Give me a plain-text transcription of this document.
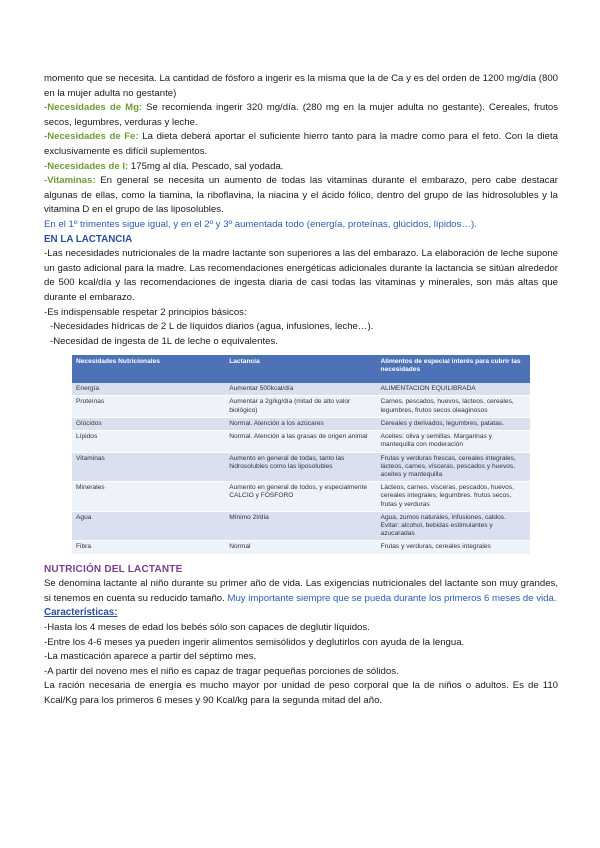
momento que se necesita. La cantidad de fósforo a ingerir es la misma que la de Ca y es del orden de 1200 mg/día (800 en la mujer adulta no gestante)

-Necesidades de Mg: Se recomienda ingerir 320 mg/día. (280 mg en la mujer adulta no gestante). Cereales, frutos secos, legumbres, verduras y leche.

-Necesidades de Fe: La dieta deberá aportar el suficiente hierro tanto para la madre como para el feto. Con la dieta exclusivamente es difícil suplementos.

-Necesidades de I: 175mg al día. Pescado, sal yodada.

-Vitaminas: En general se necesita un aumento de todas las vitaminas durante el embarazo, pero cabe destacar algunas de ellas, como la tiamina, la riboflavina, la niacina y el ácido fólico, dentro del grupo de las hidrosolubles y la vitamina D en el grupo de las liposolubles.

En el 1º trimentes sigue igual, y en el 2º y 3º aumentada todo (energía, proteínas, glúcidos, lípidos…).

EN LA LACTANCIA

-Las necesidades nutricionales de la madre lactante son superiores a las del embarazo. La elaboración de leche supone un gasto adicional para la madre. Las recomendaciones energéticas adicionales durante la lactancia se sitúan alrededor de 500 kcal/día y las recomendaciones de ingesta diaria de casi todas las vitaminas y minerales, son más altas que durante el embarazo.

-Es indispensable respetar 2 principios básicos:

-Necesidades hídricas de 2 L de líquidos diarios (agua, infusiones, leche…).

-Necesidad de ingesta de 1L de leche o equivalentes.

Necesidades Nutricionales	Lactancia	Alimentos de especial interés para cubrir las necesidades
Energía	Aumentar 500kcal/día	ALIMENTACION EQUILIBRADA
Proteínas	Aumentar a 2g/kg/día (mitad de alto valor biológico)	Carnes, pescados, huevos, lácteos, cereales, legumbres, frutos secos oleaginosos
Glúcidos	Normal. Atención a los azúcares	Cereales y derivados, legumbres, patatas.
Lípidos	Normal. Atención a las grasas de origen animal	Aceites: oliva y semillas. Margarinas y mantequilla con moderación
Vitaminas	Aumento en general de todas, tanto las hidrosolubles como las liposolubles	Frutas y verduras frescas, cereales integrales, lácteos, carnes, vísceras, pescados y huevos, aceites y mantequilla
Minerales	Aumento en general de todos, y especialmente CALCIO y FÓSFORO	Lácteos, carnes, vísceras, pescados, huevos, cereales integrales, legumbres. frutos secos, frutas y verduras
Agua	Mínimo 2l/día	Agua, zumos naturales, infusiones, caldos. Evitar: alcohol, bebidas estimulantes y azucaradas
Fibra	Normal	Frutas y verduras, cereales integrales

NUTRICIÓN DEL LACTANTE

Se denomina lactante al niño durante su primer año de vida. Las exigencias nutricionales del lactante son muy grandes, si tenemos en cuenta su reducido tamaño. Muy importante siempre que se pueda durante los primeros 6 meses de vida.

Características:

-Hasta los 4 meses de edad los bebés sólo son capaces de deglutir líquidos.

-Entre los 4-6 meses ya pueden ingerir alimentos semisólidos y deglutirlos con ayuda de la lengua.

-La masticación aparece a partir del séptimo mes.

-A partir del noveno mes el niño es capaz de tragar pequeñas porciones de sólidos.

La ración necesaria de energía es mucho mayor por unidad de peso corporal que la de niños o adultos. Es de 110 Kcal/Kg para los primeros 6 meses y 90 Kcal/kg para la segunda mitad del año.
